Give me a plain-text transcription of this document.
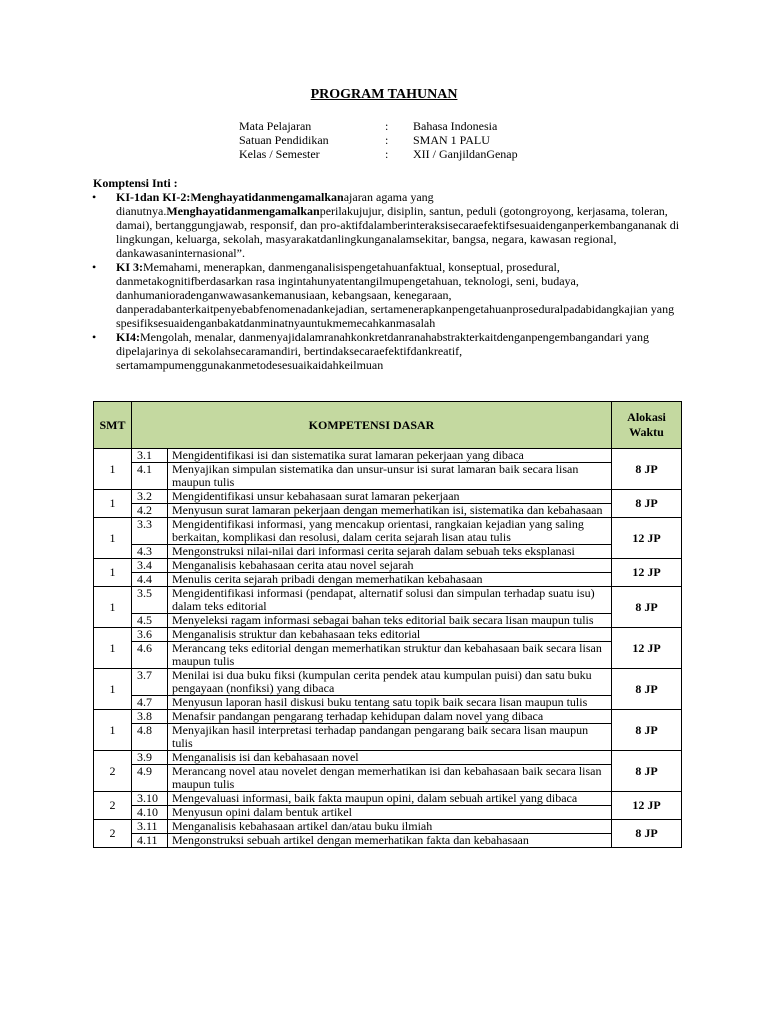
PROGRAM TAHUNAN
Mata Pelajaran	:	Bahasa Indonesia
Satuan Pendidikan	:	SMAN 1 PALU
Kelas / Semester	:	XII / GanjildanGenap
Komptensi Inti :
• KI-1dan KI-2:Menghayatidanmengamalkanajaran agama yang dianutnya.Menghayatidanmengamalkanperilakujujur, disiplin, santun, peduli (gotongroyong, kerjasama, toleran, damai), bertanggungjawab, responsif, dan pro-aktifdalamberinteraksisecaraefektifsesuaidenganperkembangananak di lingkungan, keluarga, sekolah, masyarakatdanlingkunganalamsekitar, bangsa, negara, kawasan regional, dankawasaninternasional”.
• KI 3:Memahami, menerapkan, danmenganalisispengetahuanfaktual, konseptual, prosedural, danmetakognitifberdasarkan rasa ingintahunyatentangilmupengetahuan, teknologi, seni, budaya, danhumanioradenganwawasankemanusiaan, kebangsaan, kenegaraan, danperadabanterkaitpenyebabfenomenadankejadian, sertamenerapkanpengetahuanproseduralpadabidangkajian yang spesifiksesuaidenganbakatdanminatnyauntukmemecahkanmasalah
• KI4:Mengolah, menalar, danmenyajidalamranahkonkretdanranahabstrakterkaitdenganpengembangandari yang dipelajarinya di sekolahsecaramandiri, bertindaksecaraefektifdankreatif, sertamampumenggunakanmetodesesuaikaidahkeilmuan
SMT	KOMPETENSI DASAR		Alokasi Waktu
1	3.1	Mengidentifikasi isi dan sistematika surat lamaran pekerjaan yang dibaca	8 JP
	4.1	Menyajikan simpulan sistematika dan unsur-unsur isi surat lamaran baik secara lisan maupun tulis	
1	3.2	Mengidentifikasi unsur kebahasaan surat lamaran pekerjaan	8 JP
	4.2	Menyusun surat lamaran pekerjaan dengan memerhatikan isi, sistematika dan kebahasaan	
1	3.3	Mengidentifikasi informasi, yang mencakup orientasi, rangkaian kejadian yang saling berkaitan, komplikasi dan resolusi, dalam cerita sejarah lisan atau tulis	12 JP
	4.3	Mengonstruksi nilai-nilai dari informasi cerita sejarah dalam sebuah teks eksplanasi	
1	3.4	Menganalisis kebahasaan cerita atau novel sejarah	12 JP
	4.4	Menulis cerita sejarah pribadi dengan memerhatikan kebahasaan	
1	3.5	Mengidentifikasi informasi (pendapat, alternatif solusi dan simpulan terhadap suatu isu) dalam teks editorial	8 JP
	4.5	Menyeleksi ragam informasi sebagai bahan teks editorial baik secara lisan maupun tulis	
1	3.6	Menganalisis struktur dan kebahasaan teks editorial	12 JP
	4.6	Merancang teks editorial dengan memerhatikan struktur dan kebahasaan baik secara lisan maupun tulis	
1	3.7	Menilai isi dua buku fiksi (kumpulan cerita pendek atau kumpulan puisi) dan satu buku pengayaan (nonfiksi) yang dibaca	8 JP
	4.7	Menyusun laporan hasil diskusi buku tentang satu topik baik secara lisan maupun tulis	
1	3.8	Menafsir pandangan pengarang terhadap kehidupan dalam novel yang dibaca	8 JP
	4.8	Menyajikan hasil interpretasi terhadap pandangan pengarang baik secara lisan maupun tulis	
2	3.9	Menganalisis isi dan kebahasaan novel	8 JP
	4.9	Merancang novel atau novelet dengan memerhatikan isi dan kebahasaan baik secara lisan maupun tulis	
2	3.10	Mengevaluasi informasi, baik fakta maupun opini, dalam sebuah artikel yang dibaca	12 JP
	4.10	Menyusun opini dalam bentuk artikel	
2	3.11	Menganalisis kebahasaan artikel dan/atau buku ilmiah	8 JP
	4.11	Mengonstruksi sebuah artikel dengan memerhatikan fakta dan kebahasaan	
